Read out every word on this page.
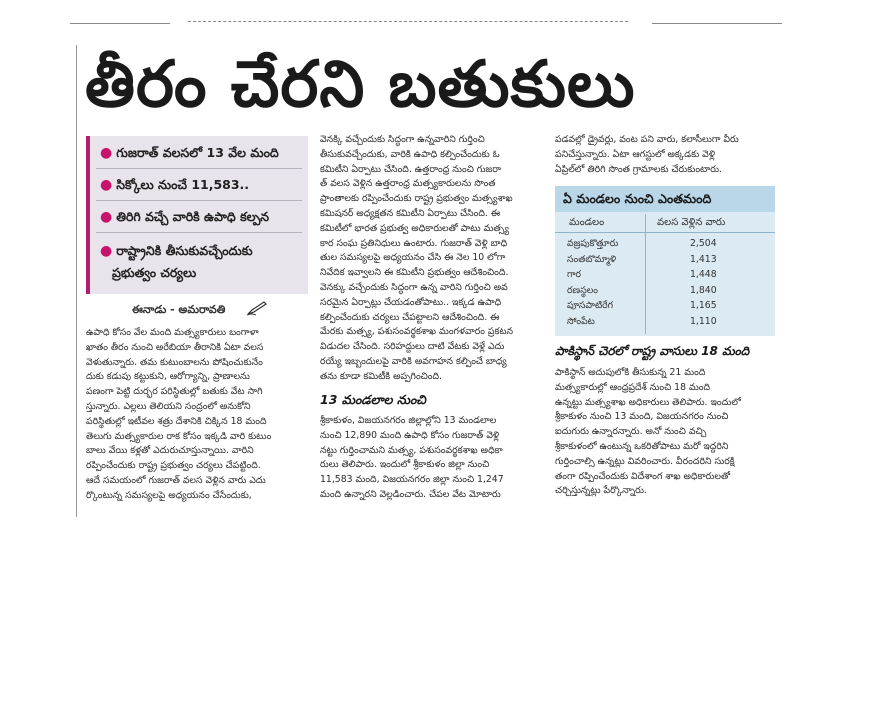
తీరం చేరని బతుకులు
● గుజరాత్ వలసలో 13 వేల మంది
● సిక్కోలు నుంచే 11,583..
● తిరిగి వచ్చే వారికి ఉపాధి కల్పన
● రాష్ట్రానికి తీసుకువచ్చేందుకు
ప్రభుత్వం చర్యలు
ఈనాడు - అమరావతి

ఉపాధి కోసం వేల మంది మత్స్యకారులు బంగాళా

ఖాతం తీరం నుంచి అరేబియా తీరానికి ఏటా వలస

వెళుతున్నారు. తమ కుటుంబాలను పోషించుకునేం

దుకు కడుపు కట్టుకుని, ఆరోగ్యాన్ని, ప్రాణాలను

పణంగా పెట్టి దుర్భర పరిస్థితుల్లో బతుకు వేట సాగి

స్తున్నారు. ఎల్లలు తెలియని సంద్రంలో అనుకోని

పరిస్థితుల్లో ఇటీవల శత్రు దేశానికి చిక్కిన 18 మంది

తెలుగు మత్స్యకారుల రాక కోసం ఇక్కడి వారి కుటుం

బాలు వేయి కళ్లతో ఎదురుచూస్తున్నాయి. వారిని

రప్పించేందుకు రాష్ట్ర ప్రభుత్వం చర్యలు చేపట్టింది.

ఆదే సమయంలో గుజరాత్ వలస వెళ్లిన వారు ఎదు

ర్కొంటున్న సమస్యలపై అధ్యయనం చేసేందుకు,

వెనక్కి వచ్చేందుకు సిద్ధంగా ఉన్నవారిని గుర్తించి

తీసుకువచ్చేందుకు, వారికి ఉపాధి కల్పించేందుకు ఓ

కమిటీని ఏర్పాటు చేసింది. ఉత్తరాంధ్ర నుంచి గుజరా

త్ వలస వెళ్లిన ఉత్తరాంధ్ర మత్స్యకారులను సొంత

ప్రాంతాలకు రప్పించేందుకు రాష్ట్ర ప్రభుత్వం మత్స్యశాఖ

కమిషనర్ అధ్యక్షతన కమిటీని ఏర్పాటు చేసింది. ఈ

కమిటీలో భారత ప్రభుత్వ అధికారులతో పాటు మత్స్య

కార సంఘ ప్రతినిధులు ఉంటారు. గుజరాత్ వెళ్లి బాధి

తుల సమస్యలపై అధ్యయనం చేసి ఈ నెల 10 లోగా

నివేదిక ఇవ్వాలని ఈ కమిటీని ప్రభుత్వం ఆదేశించింది.

వెనక్కు వచ్చేందుకు సిద్ధంగా ఉన్న వారిని గుర్తించి అవ

సరమైన ఏర్పాట్లు చేయడంతోపాటు.. ఇక్కడ ఉపాధి

కల్పించేందుకు చర్యలు చేపట్టాలని ఆదేశించింది. ఈ

మేరకు మత్స్య, పశుసంవర్థకశాఖ మంగళవారం ప్రకటన

విడుదల చేసింది. సరిహద్దులు దాటి వేటకు వెళ్లే ఎదు

రయ్యే ఇబ్బందులపై వారికి అవగాహన కల్పించే బాధ్య

తను కూడా కమిటీకి అప్పగించింది.

13 మండలాల నుంచి

శ్రీకాకుళం, విజయనగరం జిల్లాల్లోని 13 మండలాల

నుంచి 12,890 మంది ఉపాధి కోసం గుజరాత్ వెళ్లి

నట్టు గుర్తించామని మత్స్య, పశుసంవర్థకశాఖ అధికా

రులు తెలిపారు. ఇందులో శ్రీకాకుళం జిల్లా నుంచి

11,583 మంది, విజయనగరం జిల్లా నుంచి 1,247

మంది ఉన్నారని వెల్లడించారు. చేపల వేట మోటారు

పడవల్లో డ్రైవర్లు, వంట పని వారు, కలాసీలుగా వీరు

పనిచేస్తున్నారు. ఏటా ఆగస్టులో అక్కడకు వెళ్లి

ఏప్రిల్‌లో తిరిగి సొంత గ్రామాలకు చేరుకుంటారు.

ఏ మండలం నుంచి ఎంతమంది
మండలం	వలస వెళ్లిన వారు
వజ్రపుకొత్తూరు	2,504
సంతబొమ్మాళి	1,413
గార	1,448
రణస్థలం	1,840
పూసపాటిరేగ	1,165
సోంపేట	1,110
పాకిస్థాన్ చెరలో రాష్ట్ర వాసులు 18 మంది

పాకిస్థాన్ అదుపులోకి తీసుకున్న 21 మంది

మత్స్యకారుల్లో ఆంధ్రప్రదేశ్ నుంచి 18 మంది

ఉన్నట్టు మత్స్యశాఖ అధికారులు తెలిపారు. ఇందులో

శ్రీకాకుళం నుంచి 13 మంది, విజయనగరం నుంచి

ఐదుగురు ఉన్నారన్నారు. అనో నుంచి వచ్చి

శ్రీకాకుళంలో ఉంటున్న ఒకరితోపాటు మరో ఇద్దరిని

గుర్తించాల్సి ఉన్నట్లు వివరించారు. వీరందరిని సురక్షి

తంగా రప్పించేందుకు విదేశాంగ శాఖ అధికారులతో

చర్చిస్తున్నట్లు పేర్కొన్నారు.
